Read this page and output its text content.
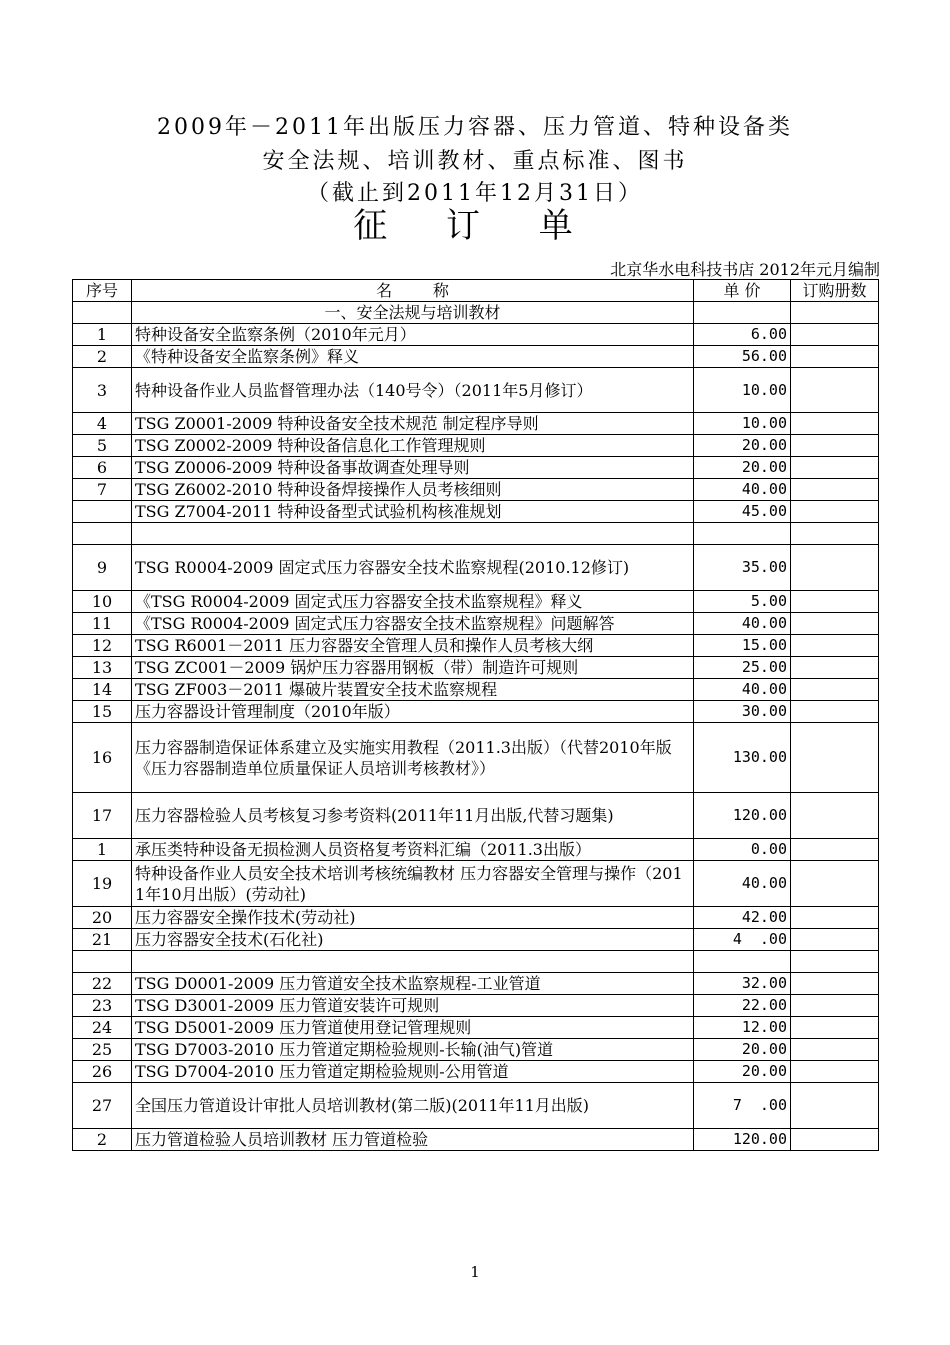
2009年－2011年出版压力容器、压力管道、特种设备类
安全法规、培训教材、重点标准、图书
（截止到2011年12月31日）
征 订 单
北京华水电科技书店 2012年元月编制
序号	名        称	单 价	订购册数
	一、安全法规与培训教材		
1	特种设备安全监察条例（2010年元月）	6.00	
2	《特种设备安全监察条例》释义	56.00	
3	特种设备作业人员监督管理办法（140号令）（2011年5月修订）	10.00	
4	TSG Z0001-2009 特种设备安全技术规范 制定程序导则	10.00	
5	TSG Z0002-2009 特种设备信息化工作管理规则	20.00	
6	TSG Z0006-2009 特种设备事故调查处理导则	20.00	
7	TSG Z6002-2010 特种设备焊接操作人员考核细则	40.00	
	TSG Z7004-2011 特种设备型式试验机构核准规划	45.00	

9	TSG R0004-2009 固定式压力容器安全技术监察规程(2010.12修订)	35.00	
10	《TSG R0004-2009 固定式压力容器安全技术监察规程》释义	5.00	
11	《TSG R0004-2009 固定式压力容器安全技术监察规程》问题解答	40.00	
12	TSG R6001－2011 压力容器安全管理人员和操作人员考核大纲	15.00	
13	TSG ZC001－2009 锅炉压力容器用钢板（带）制造许可规则	25.00	
14	TSG ZF003－2011 爆破片装置安全技术监察规程	40.00	
15	压力容器设计管理制度（2010年版）	30.00	
16	压力容器制造保证体系建立及实施实用教程（2011.3出版）（代替2010年版《压力容器制造单位质量保证人员培训考核教材》）	130.00	
17	压力容器检验人员考核复习参考资料(2011年11月出版,代替习题集)	120.00	
1	承压类特种设备无损检测人员资格复考资料汇编（2011.3出版）	0.00	
19	特种设备作业人员安全技术培训考核统编教材 压力容器安全管理与操作（2011年10月出版）(劳动社)	40.00	
20	压力容器安全操作技术(劳动社)	42.00	
21	压力容器安全技术(石化社)	4  .00	

22	TSG D0001-2009 压力管道安全技术监察规程-工业管道	32.00	
23	TSG D3001-2009 压力管道安装许可规则	22.00	
24	TSG D5001-2009 压力管道使用登记管理规则	12.00	
25	TSG D7003-2010 压力管道定期检验规则-长输(油气)管道	20.00	
26	TSG D7004-2010 压力管道定期检验规则-公用管道	20.00	
27	全国压力管道设计审批人员培训教材(第二版)(2011年11月出版)	7  .00	
2	压力管道检验人员培训教材 压力管道检验	120.00	
1
